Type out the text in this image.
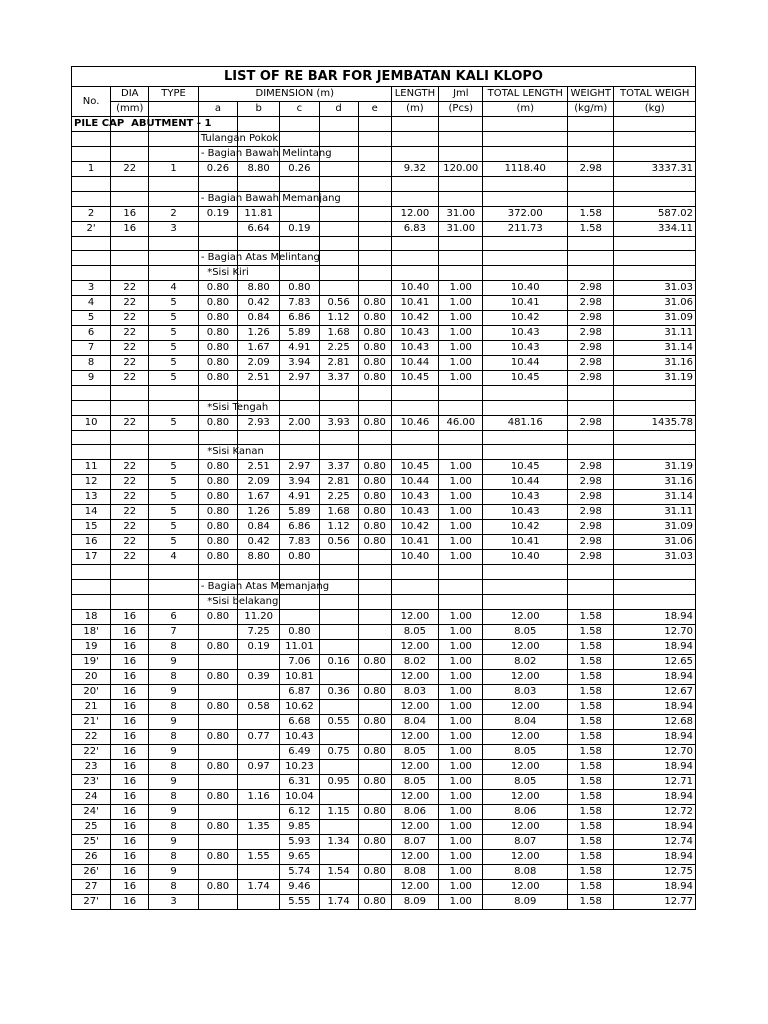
LIST OF RE BAR FOR JEMBATAN KALI KLOPO												
No.	DIA	TYPE	DIMENSION (m)					LENGTH	Jml	TOTAL LENGTH	WEIGHT	TOTAL WEIGH
	(mm)		a	b	c	d	e	(m)	(Pcs)	(m)	(kg/m)	(kg)
PILE CAP  ABUTMENT - 1												
			Tulangan Pokok									
			- Bagian Bawah Melintang									
1	22	1	0.26	8.80	0.26			9.32	120.00	1118.40	2.98	3337.31

			- Bagian Bawah Memanjang									
2	16	2	0.19	11.81				12.00	31.00	372.00	1.58	587.02
2'	16	3		6.64	0.19			6.83	31.00	211.73	1.58	334.11

			- Bagian Atas Melintang									
			*Sisi Kiri									
3	22	4	0.80	8.80	0.80			10.40	1.00	10.40	2.98	31.03
4	22	5	0.80	0.42	7.83	0.56	0.80	10.41	1.00	10.41	2.98	31.06
5	22	5	0.80	0.84	6.86	1.12	0.80	10.42	1.00	10.42	2.98	31.09
6	22	5	0.80	1.26	5.89	1.68	0.80	10.43	1.00	10.43	2.98	31.11
7	22	5	0.80	1.67	4.91	2.25	0.80	10.43	1.00	10.43	2.98	31.14
8	22	5	0.80	2.09	3.94	2.81	0.80	10.44	1.00	10.44	2.98	31.16
9	22	5	0.80	2.51	2.97	3.37	0.80	10.45	1.00	10.45	2.98	31.19

			*Sisi Tengah									
10	22	5	0.80	2.93	2.00	3.93	0.80	10.46	46.00	481.16	2.98	1435.78

			*Sisi Kanan									
11	22	5	0.80	2.51	2.97	3.37	0.80	10.45	1.00	10.45	2.98	31.19
12	22	5	0.80	2.09	3.94	2.81	0.80	10.44	1.00	10.44	2.98	31.16
13	22	5	0.80	1.67	4.91	2.25	0.80	10.43	1.00	10.43	2.98	31.14
14	22	5	0.80	1.26	5.89	1.68	0.80	10.43	1.00	10.43	2.98	31.11
15	22	5	0.80	0.84	6.86	1.12	0.80	10.42	1.00	10.42	2.98	31.09
16	22	5	0.80	0.42	7.83	0.56	0.80	10.41	1.00	10.41	2.98	31.06
17	22	4	0.80	8.80	0.80			10.40	1.00	10.40	2.98	31.03

			- Bagian Atas Memanjang									
			*Sisi belakang									
18	16	6	0.80	11.20				12.00	1.00	12.00	1.58	18.94
18'	16	7		7.25	0.80			8.05	1.00	8.05	1.58	12.70
19	16	8	0.80	0.19	11.01			12.00	1.00	12.00	1.58	18.94
19'	16	9			7.06	0.16	0.80	8.02	1.00	8.02	1.58	12.65
20	16	8	0.80	0.39	10.81			12.00	1.00	12.00	1.58	18.94
20'	16	9			6.87	0.36	0.80	8.03	1.00	8.03	1.58	12.67
21	16	8	0.80	0.58	10.62			12.00	1.00	12.00	1.58	18.94
21'	16	9			6.68	0.55	0.80	8.04	1.00	8.04	1.58	12.68
22	16	8	0.80	0.77	10.43			12.00	1.00	12.00	1.58	18.94
22'	16	9			6.49	0.75	0.80	8.05	1.00	8.05	1.58	12.70
23	16	8	0.80	0.97	10.23			12.00	1.00	12.00	1.58	18.94
23'	16	9			6.31	0.95	0.80	8.05	1.00	8.05	1.58	12.71
24	16	8	0.80	1.16	10.04			12.00	1.00	12.00	1.58	18.94
24'	16	9			6.12	1.15	0.80	8.06	1.00	8.06	1.58	12.72
25	16	8	0.80	1.35	9.85			12.00	1.00	12.00	1.58	18.94
25'	16	9			5.93	1.34	0.80	8.07	1.00	8.07	1.58	12.74
26	16	8	0.80	1.55	9.65			12.00	1.00	12.00	1.58	18.94
26'	16	9			5.74	1.54	0.80	8.08	1.00	8.08	1.58	12.75
27	16	8	0.80	1.74	9.46			12.00	1.00	12.00	1.58	18.94
27'	16	3			5.55	1.74	0.80	8.09	1.00	8.09	1.58	12.77
